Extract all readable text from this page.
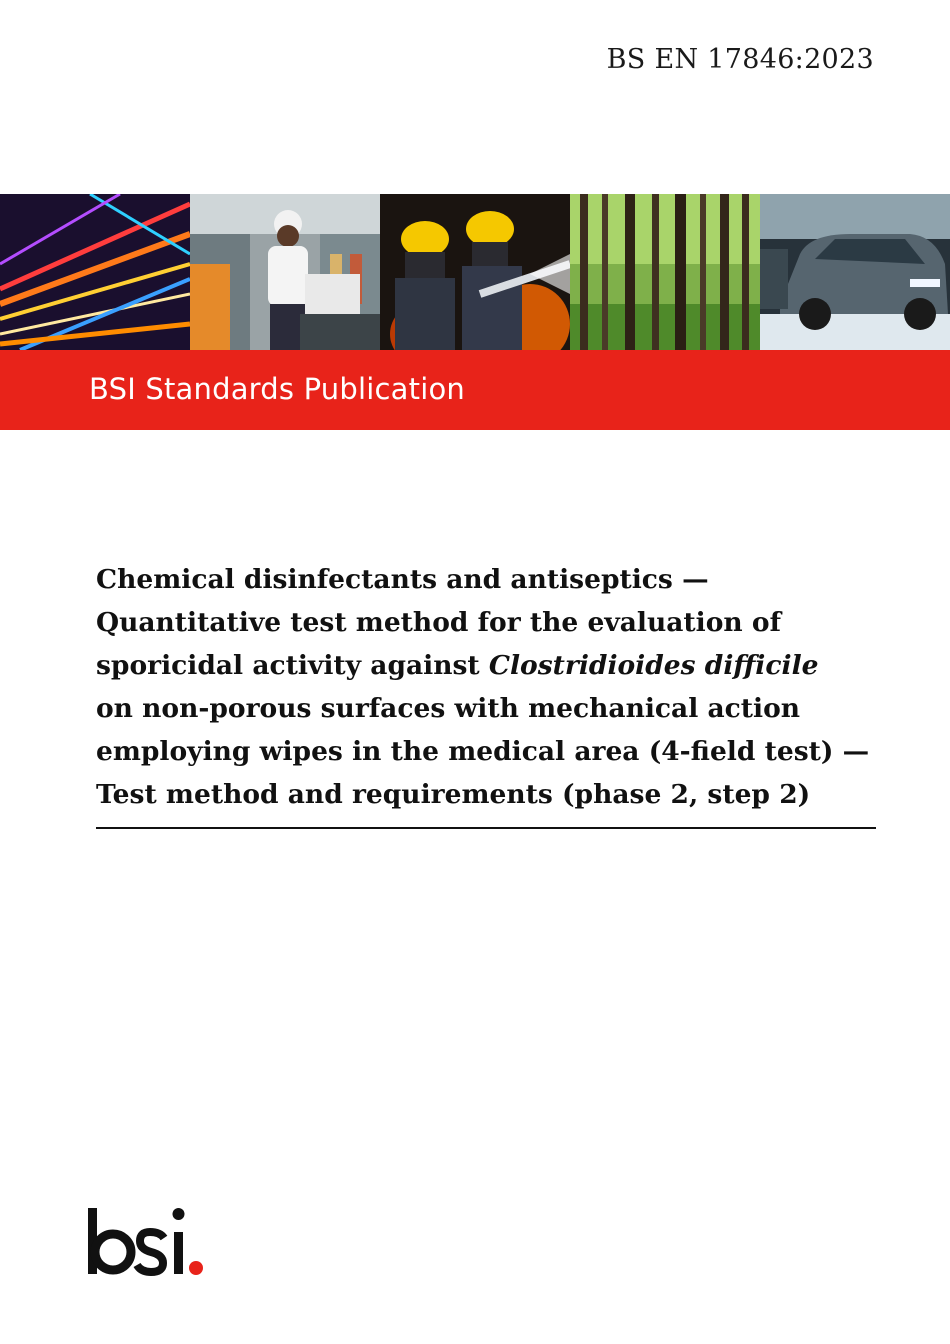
BS EN 17846:2023
BSI Standards Publication
Chemical disinfectants and antiseptics —
Quantitative test method for the evaluation of
sporicidal activity against Clostridioides difficile
on non-porous surfaces with mechanical action
employing wipes in the medical area (4-field test) —
Test method and requirements (phase 2, step 2)
